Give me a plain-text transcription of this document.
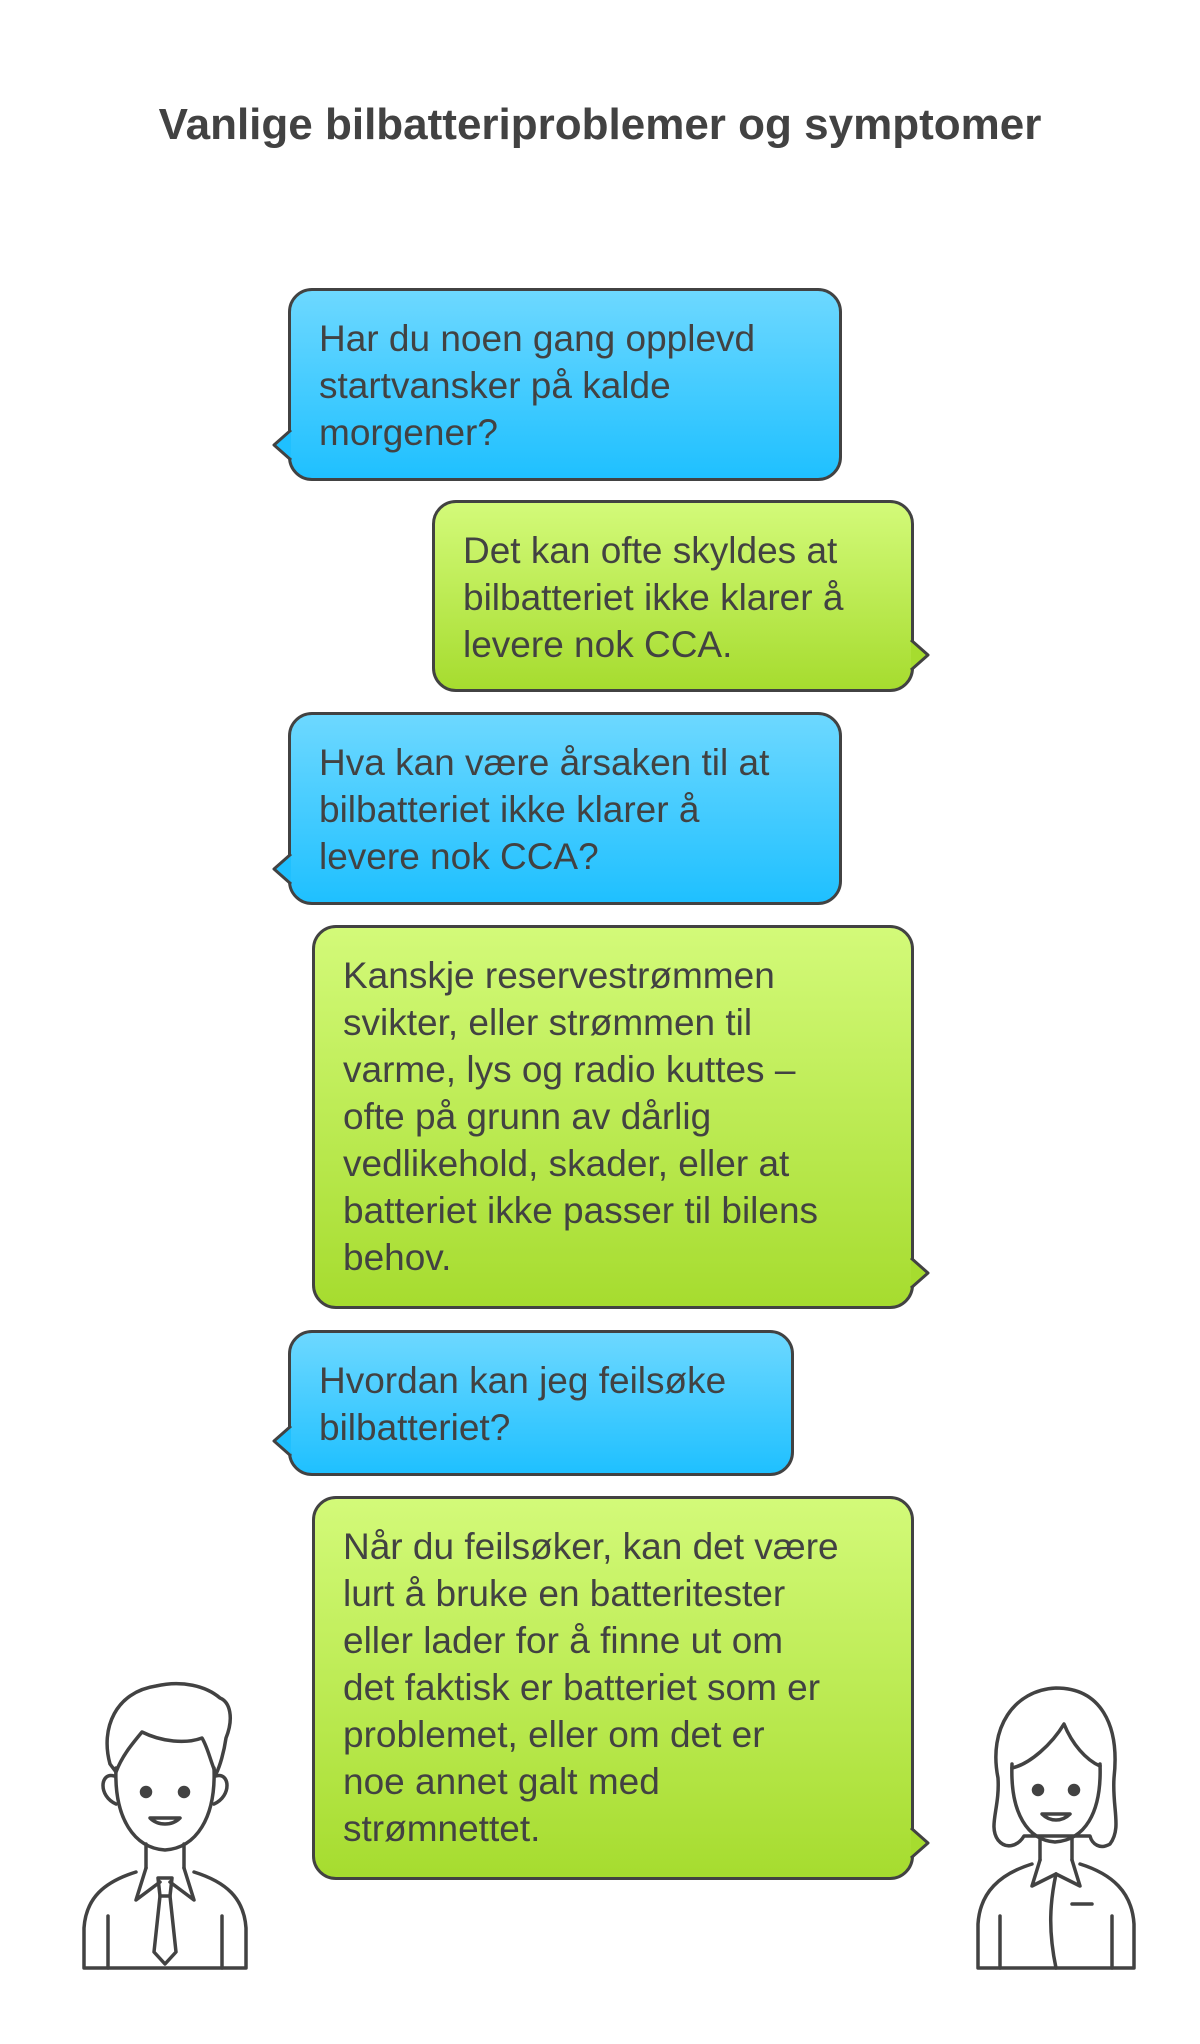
Vanlige bilbatteriproblemer og symptomer
Har du noen gang opplevd
startvansker på kalde
morgener?
Det kan ofte skyldes at
bilbatteriet ikke klarer å
levere nok CCA.
Hva kan være årsaken til at
bilbatteriet ikke klarer å
levere nok CCA?
Kanskje reservestrømmen
svikter, eller strømmen til
varme, lys og radio kuttes –
ofte på grunn av dårlig
vedlikehold, skader, eller at
batteriet ikke passer til bilens
behov.
Hvordan kan jeg feilsøke
bilbatteriet?
Når du feilsøker, kan det være
lurt å bruke en batteritester
eller lader for å finne ut om
det faktisk er batteriet som er
problemet, eller om det er
noe annet galt med
strømnettet.
